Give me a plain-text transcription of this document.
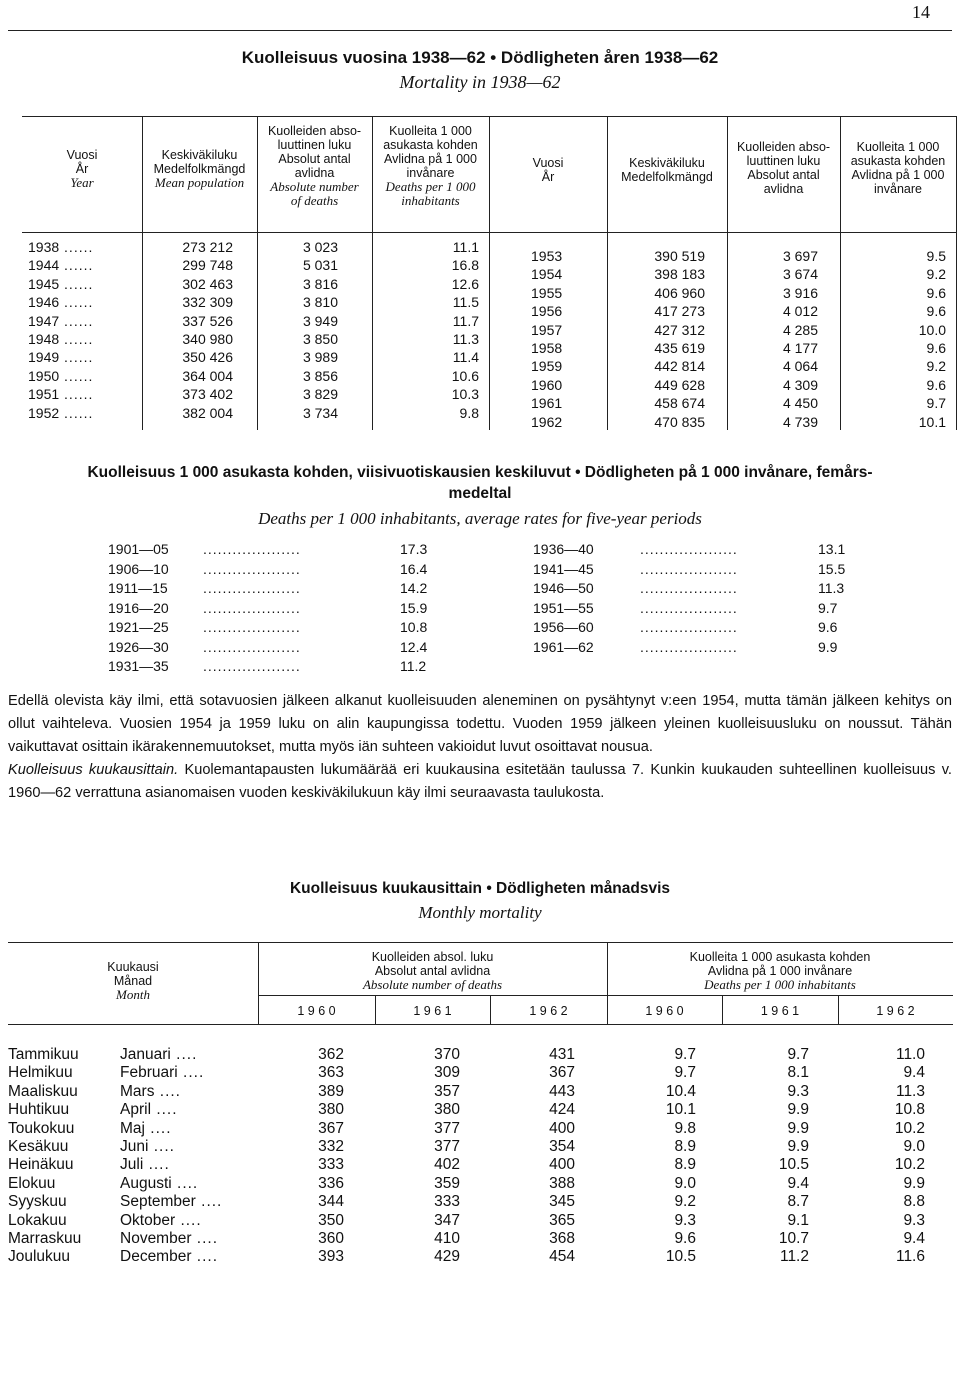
14
Kuolleisuus vuosina 1938—62 • Dödligheten åren 1938—62
Mortality in 1938—62
Vuosi
År
Year
Keskiväkiluku
Medelfolkmängd
Mean population
Kuolleiden abso-
luuttinen luku
Absolut antal
avlidna
Absolute number
of deaths
Kuolleita 1 000
asukasta kohden
Avlidna på 1 000
invånare
Deaths per 1 000
inhabitants
Vuosi
År
Keskiväkiluku
Medelfolkmängd
Kuolleiden abso-
luuttinen luku
Absolut antal
avlidna
Kuolleita 1 000
asukasta kohden
Avlidna på 1 000
invånare
1938 ......	273 212	3 023	11.1
1944 ......	299 748	5 031	16.8
1945 ......	302 463	3 816	12.6
1946 ......	332 309	3 810	11.5
1947 ......	337 526	3 949	11.7
1948 ......	340 980	3 850	11.3
1949 ......	350 426	3 989	11.4
1950 ......	364 004	3 856	10.6
1951 ......	373 402	3 829	10.3
1952 ......	382 004	3 734	9.8
1953	390 519	3 697	9.5
1954	398 183	3 674	9.2
1955	406 960	3 916	9.6
1956	417 273	4 012	9.6
1957	427 312	4 285	10.0
1958	435 619	4 177	9.6
1959	442 814	4 064	9.2
1960	449 628	4 309	9.6
1961	458 674	4 450	9.7
1962	470 835	4 739	10.1
Kuolleisuus 1 000 asukasta kohden, viisivuotiskausien keskiluvut • Dödligheten på 1 000 invånare, femårs-
medeltal
Deaths per 1 000 inhabitants, average rates for five-year periods
1901—05 ....................	17.3
1906—10 ....................	16.4
1911—15	....................	14.2
1916—20 ....................	15.9
1921—25 ....................	10.8
1926—30 ....................	12.4
1931—35 ....................	11.2
1936—40	....................	13.1
1941—45	....................	15.5
1946—50	....................	11.3
1951—55	....................	9.7
1956—60	....................	9.6
1961—62	....................	9.9
Edellä olevista käy ilmi, että sotavuosien jälkeen alkanut kuolleisuuden aleneminen on pysähtynyt v:een 1954, mutta tämän jälkeen kehitys on ollut vaihteleva. Vuosien 1954 ja 1959 luku on alin kaupungissa todettu. Vuoden 1959 jälkeen yleinen kuolleisuusluku on noussut. Tähän vaikuttavat osittain ikärakennemuutokset, mutta myös iän suhteen vakioidut luvut osoittavat nousua.
Kuolleisuus kuukausittain. Kuolemantapausten lukumäärää eri kuukausina esitetään taulussa 7. Kunkin kuukauden suhteellinen kuolleisuus v. 1960—62 verrattuna asianomaisen vuoden keskiväkilukuun käy ilmi seuraavasta taulukosta.
Kuolleisuus kuukausittain • Dödligheten månadsvis
Monthly mortality
Kuukausi
Månad
Month
Kuolleiden absol. luku
Absolut antal avlidna
Absolute number of deaths
Kuolleita 1 000 asukasta kohden
Avlidna på 1 000 invånare
Deaths per 1 000 inhabitants
1 9 6 0	1 9 6 1	1 9 6 2	1 9 6 0	1 9 6 1	1 9 6 2
Tammikuu	Januari ....		362		370		431		9.7		9.7		11.0
Helmikuu	Februari ....		363		309		367		9.7		8.1		9.4
Maaliskuu	Mars ....		389		357		443		10.4		9.3		11.3
Huhtikuu	April ....		380		380		424		10.1		9.9		10.8
Toukokuu	Maj ....		367		377		400		9.8		9.9		10.2
Kesäkuu	Juni ....		332		377		354		8.9		9.9		9.0
Heinäkuu	Juli ....		333		402		400		8.9		10.5		10.2
Elokuu	Augusti ....		336		359		388		9.0		9.4		9.9
Syyskuu	September ....		344		333		345		9.2		8.7		8.8
Lokakuu	Oktober ....		350		347		365		9.3		9.1		9.3
Marraskuu	November ....		360		410		368		9.6		10.7		9.4
Joulukuu	December ....		393		429		454		10.5		11.2		11.6
